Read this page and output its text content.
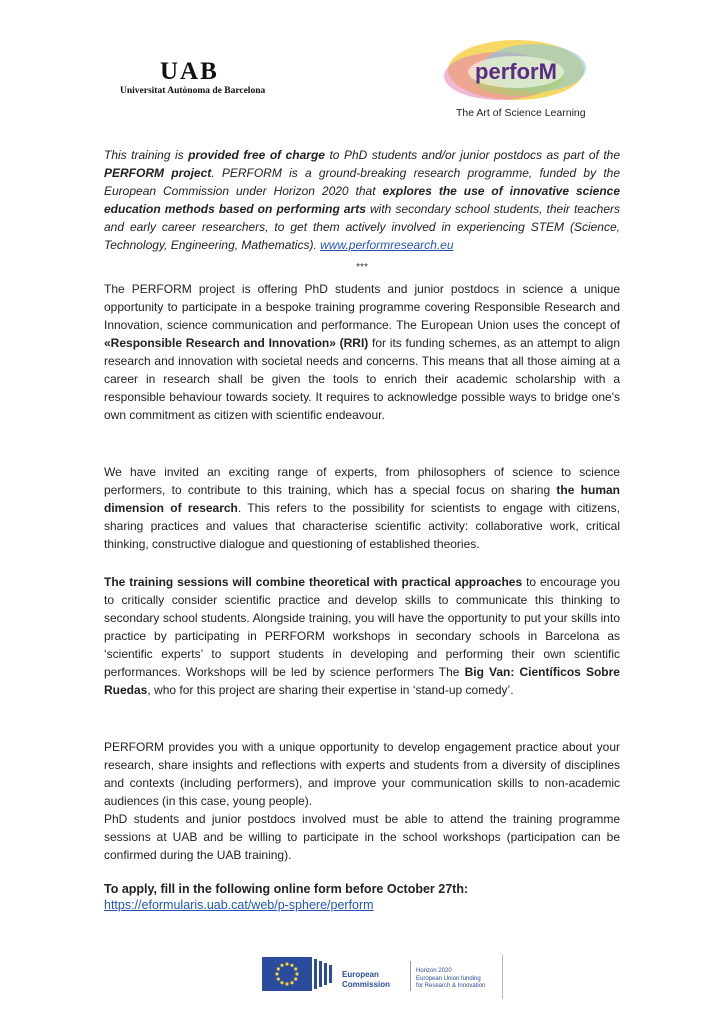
UAB
Universitat Autònoma de Barcelona
perforM
The Art of Science Learning
This training is provided free of charge to PhD students and/or junior postdocs as part of the PERFORM project. PERFORM is a ground-breaking research programme, funded by the European Commission under Horizon 2020 that explores the use of innovative science education methods based on performing arts with secondary school students, their teachers and early career researchers, to get them actively involved in experiencing STEM (Science, Technology, Engineering, Mathematics). www.performresearch.eu
***
The PERFORM project is offering PhD students and junior postdocs in science a unique opportunity to participate in a bespoke training programme covering Responsible Research and Innovation, science communication and performance. The European Union uses the concept of «Responsible Research and Innovation» (RRI) for its funding schemes, as an attempt to align research and innovation with societal needs and concerns. This means that all those aiming at a career in research shall be given the tools to enrich their academic scholarship with a responsible behaviour towards society. It requires to acknowledge possible ways to bridge one's own commitment as citizen with scientific endeavour.
We have invited an exciting range of experts, from philosophers of science to science performers, to contribute to this training, which has a special focus on sharing the human dimension of research. This refers to the possibility for scientists to engage with citizens, sharing practices and values that characterise scientific activity: collaborative work, critical thinking, constructive dialogue and questioning of established theories.
The training sessions will combine theoretical with practical approaches to encourage you to critically consider scientific practice and develop skills to communicate this thinking to secondary school students. Alongside training, you will have the opportunity to put your skills into practice by participating in PERFORM workshops in secondary schools in Barcelona as ‘scientific experts’ to support students in developing and performing their own scientific performances. Workshops will be led by science performers The Big Van: Científicos Sobre Ruedas, who for this project are sharing their expertise in ‘stand-up comedy’.

PERFORM provides you with a unique opportunity to develop engagement practice about your research, share insights and reflections with experts and students from a diversity of disciplines and contexts (including performers), and improve your communication skills to non-academic audiences (in this case, young people).

PhD students and junior postdocs involved must be able to attend the training programme sessions at UAB and be willing to participate in the school workshops (participation can be confirmed during the UAB training).

To apply, fill in the following online form before October 27th:
https://eformularis.uab.cat/web/p-sphere/perform
European
Commission
Horizon 2020
European Union funding
for Research & Innovation
